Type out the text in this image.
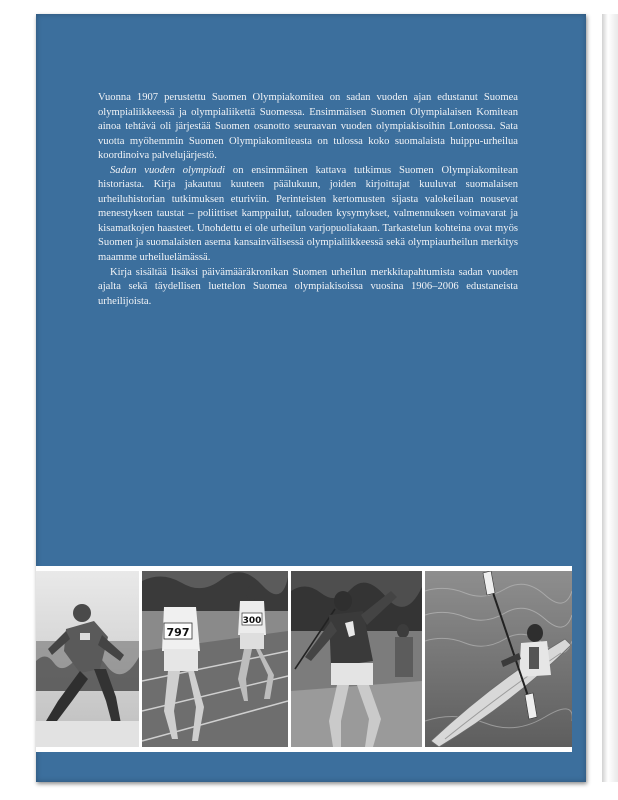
Vuonna 1907 perustettu Suomen Olympiakomitea on sadan vuoden ajan edustanut Suomea olympialiikkeessä ja olympialiikettä Suomessa. Ensimmäisen Suomen Olympialaisen Komitean ainoa tehtävä oli järjestää Suomen osanotto seuraavan vuoden olympiakisoihin Lontoossa. Sata vuotta myöhemmin Suomen Olympiakomiteasta on tulossa koko suomalaista huippu-urheilua koordinoiva palvelujärjestö.

Sadan vuoden olympiadi on ensimmäinen kattava tutkimus Suomen Olympiakomitean historiasta. Kirja jakautuu kuuteen päälukuun, joiden kirjoittajat kuuluvat suomalaisen urheiluhistorian tutkimuksen eturiviin. Perinteisten kertomusten sijasta valokeilaan nousevat menestyksen taustat – poliittiset kamppailut, talouden kysymykset, valmennuksen voimavarat ja kisamatkojen haasteet. Unohdettu ei ole urheilun varjopuoliakaan. Tarkastelun kohteina ovat myös Suomen ja suomalaisten asema kansainvälisessä olympialiikkeessä sekä olympiaurheilun merkitys maamme urheiluelämässä.

Kirja sisältää lisäksi päivämääräkronikan Suomen urheilun merkkitapahtumista sadan vuoden ajalta sekä täydellisen luettelon Suomea olympiakisoissa vuosina 1906–2006 edustaneista urheilijoista.

797
300
